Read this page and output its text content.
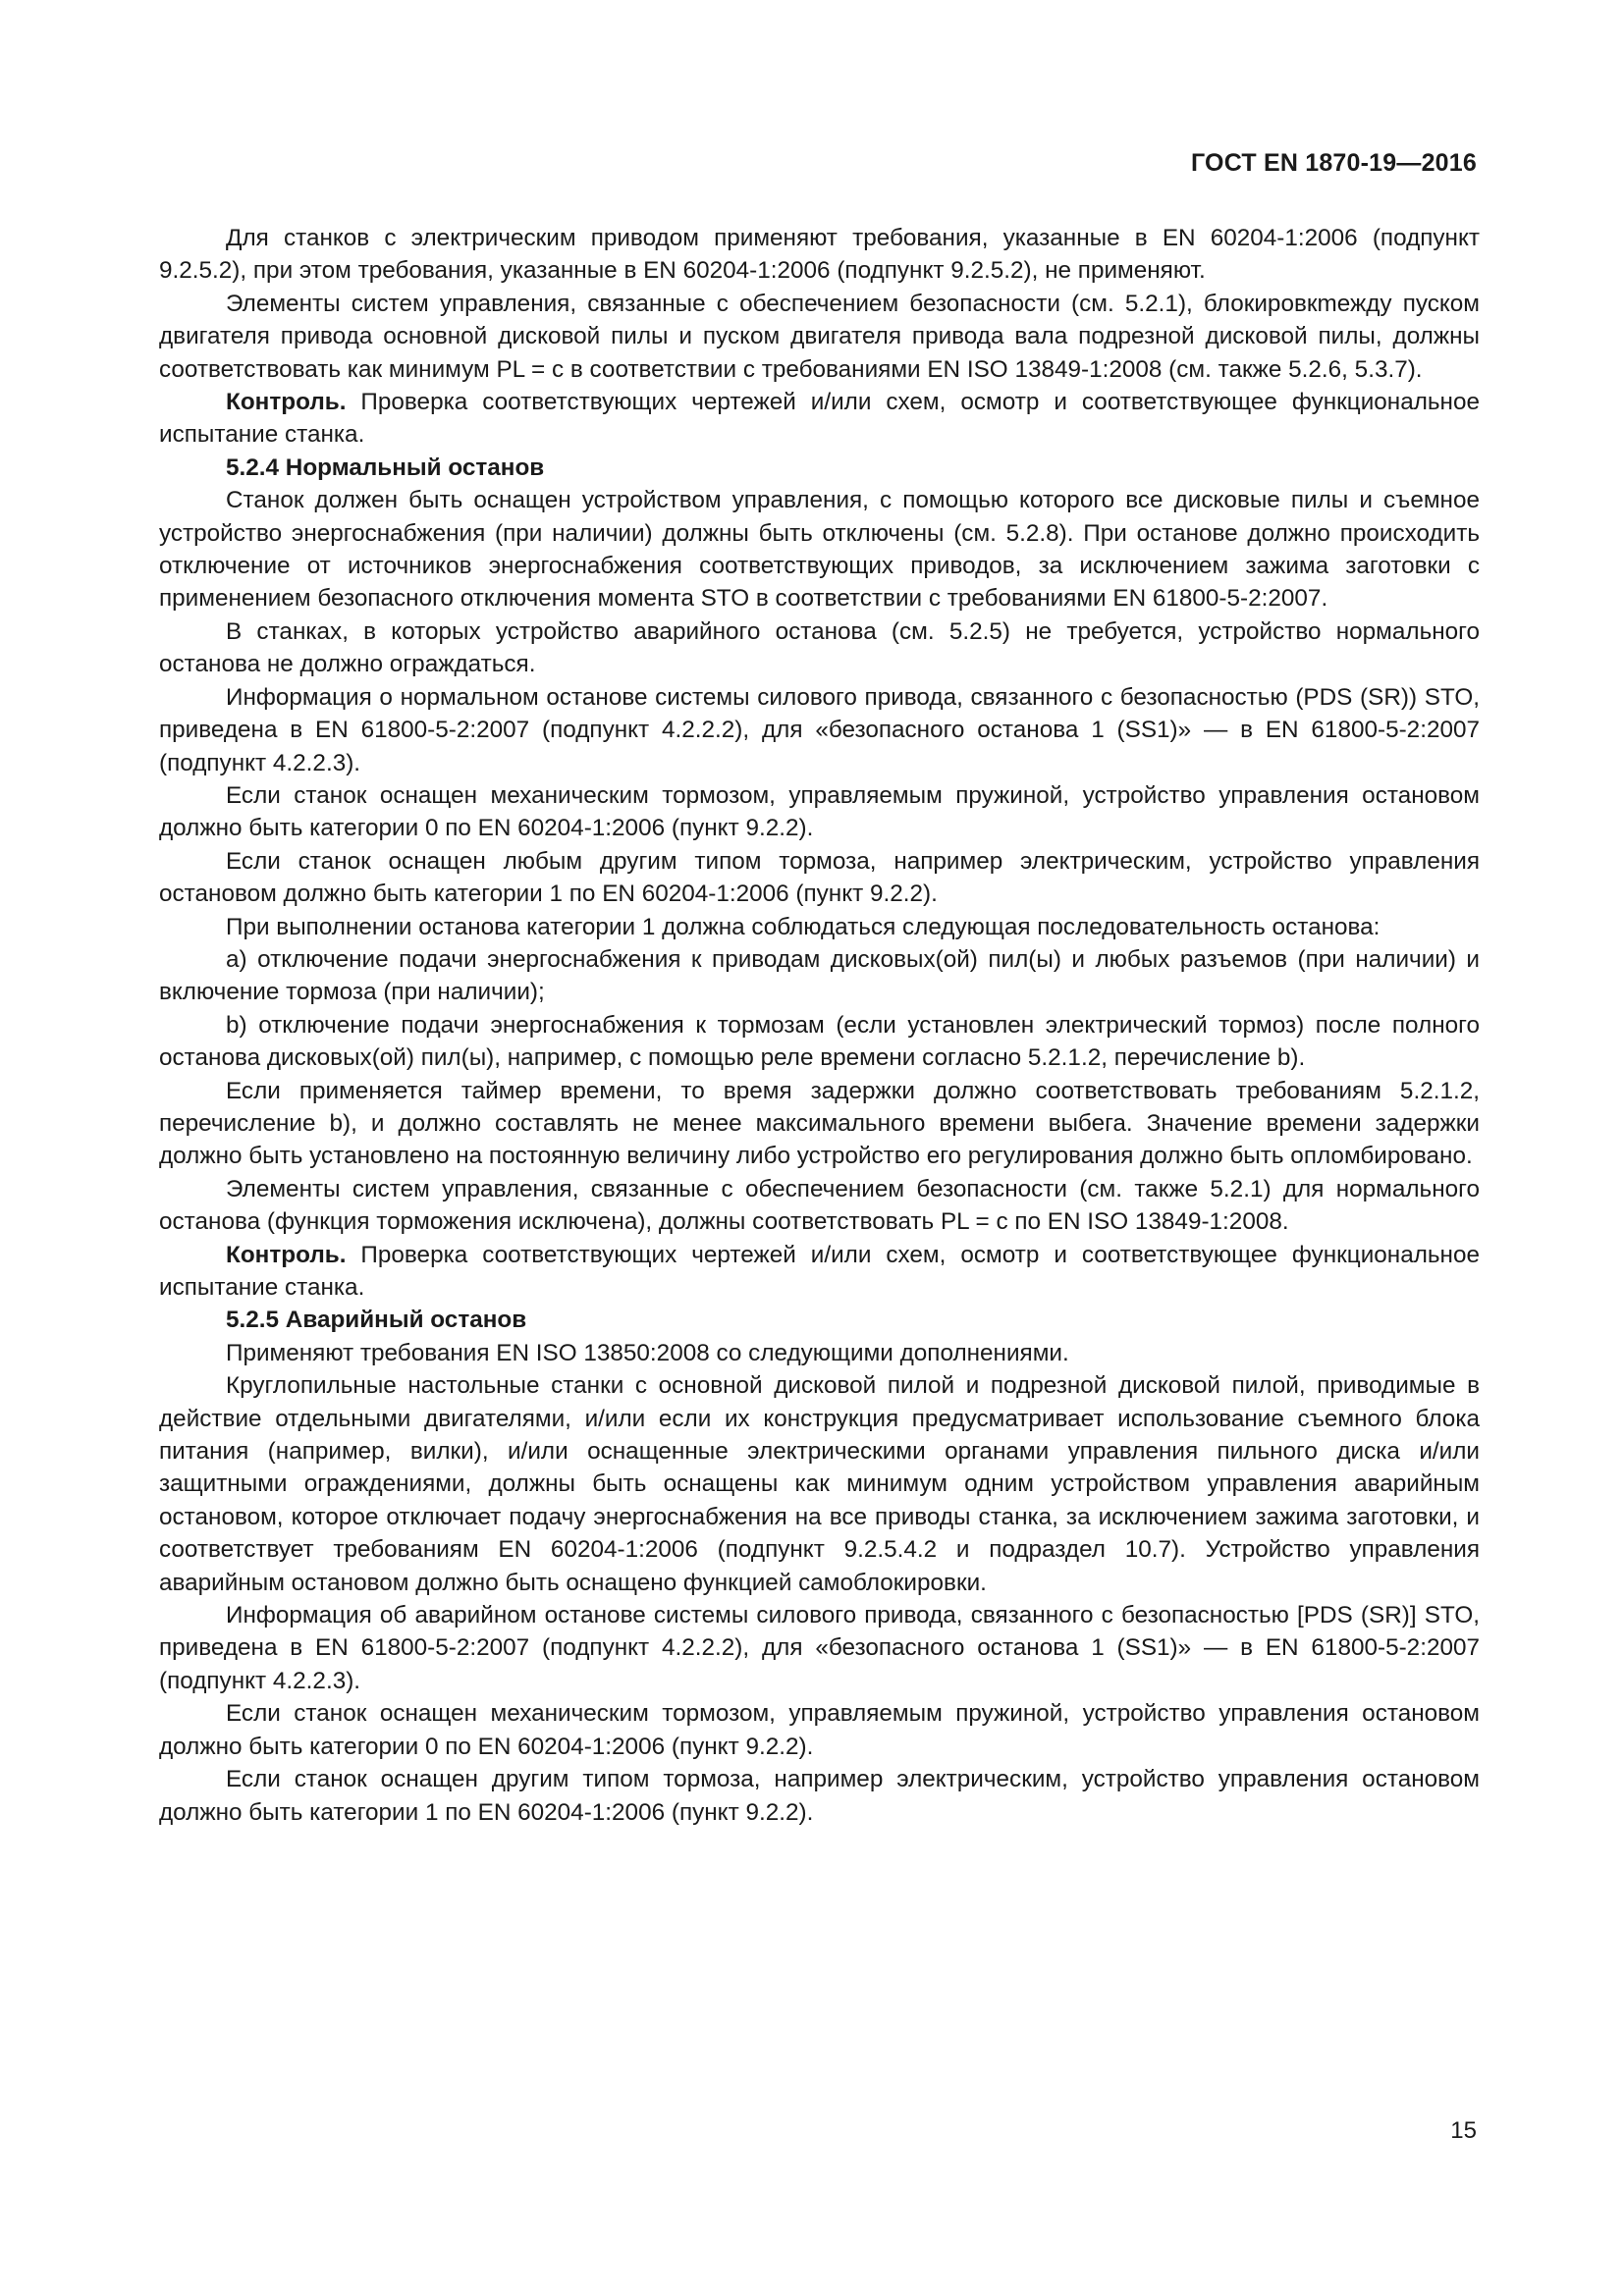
ГОСТ EN 1870-19—2016

Для станков с электрическим приводом применяют требования, указанные в EN 60204-1:2006 (подпункт 9.2.5.2), при этом требования, указанные в EN 60204-1:2006 (подпункт 9.2.5.2), не применяют.

Элементы систем управления, связанные с обеспечением безопасности (см. 5.2.1), блокировкmежду пуском двигателя привода основной дисковой пилы и пуском двигателя привода вала подрезной дисковой пилы, должны соответствовать как минимум PL = с в соответствии с требованиями EN ISO 13849-1:2008 (см. также 5.2.6, 5.3.7).

Контроль. Проверка соответствующих чертежей и/или схем, осмотр и соответствующее функциональное испытание станка.

5.2.4 Нормальный останов

Станок должен быть оснащен устройством управления, с помощью которого все дисковые пилы и съемное устройство энергоснабжения (при наличии) должны быть отключены (см. 5.2.8). При останове должно происходить отключение от источников энергоснабжения соответствующих приводов, за исключением зажима заготовки с применением безопасного отключения момента STO в соответствии с требованиями EN 61800-5-2:2007.

В станках, в которых устройство аварийного останова (см. 5.2.5) не требуется, устройство нормального останова не должно ограждаться.

Информация о нормальном останове системы силового привода, связанного с безопасностью (PDS (SR)) STO, приведена в EN 61800-5-2:2007 (подпункт 4.2.2.2), для «безопасного останова 1 (SS1)» — в EN 61800-5-2:2007 (подпункт 4.2.2.3).

Если станок оснащен механическим тормозом, управляемым пружиной, устройство управления остановом должно быть категории 0 по EN 60204-1:2006 (пункт 9.2.2).

Если станок оснащен любым другим типом тормоза, например электрическим, устройство управления остановом должно быть категории 1 по EN 60204-1:2006 (пункт 9.2.2).

При выполнении останова категории 1 должна соблюдаться следующая последовательность останова:

а) отключение подачи энергоснабжения к приводам дисковых(ой) пил(ы) и любых разъемов (при наличии) и включение тормоза (при наличии);

b) отключение подачи энергоснабжения к тормозам (если установлен электрический тормоз) после полного останова дисковых(ой) пил(ы), например, с помощью реле времени согласно 5.2.1.2, перечисление b).

Если применяется таймер времени, то время задержки должно соответствовать требованиям 5.2.1.2, перечисление b), и должно составлять не менее максимального времени выбега. Значение времени задержки должно быть установлено на постоянную величину либо устройство его регулирования должно быть опломбировано.

Элементы систем управления, связанные с обеспечением безопасности (см. также 5.2.1) для нормального останова (функция торможения исключена), должны соответствовать PL = с по EN ISO 13849-1:2008.

Контроль. Проверка соответствующих чертежей и/или схем, осмотр и соответствующее функциональное испытание станка.

5.2.5 Аварийный останов

Применяют требования EN ISO 13850:2008 со следующими дополнениями.

Круглопильные настольные станки с основной дисковой пилой и подрезной дисковой пилой, приводимые в действие отдельными двигателями, и/или если их конструкция предусматривает использование съемного блока питания (например, вилки), и/или оснащенные электрическими органами управления пильного диска и/или защитными ограждениями, должны быть оснащены как минимум одним устройством управления аварийным остановом, которое отключает подачу энергоснабжения на все приводы станка, за исключением зажима заготовки, и соответствует требованиям EN 60204-1:2006 (подпункт 9.2.5.4.2 и подраздел 10.7). Устройство управления аварийным остановом должно быть оснащено функцией самоблокировки.

Информация об аварийном останове системы силового привода, связанного с безопасностью [PDS (SR)] STO, приведена в EN 61800-5-2:2007 (подпункт 4.2.2.2), для «безопасного останова 1 (SS1)» — в EN 61800-5-2:2007 (подпункт 4.2.2.3).

Если станок оснащен механическим тормозом, управляемым пружиной, устройство управления остановом должно быть категории 0 по EN 60204-1:2006 (пункт 9.2.2).

Если станок оснащен другим типом тормоза, например электрическим, устройство управления остановом должно быть категории 1 по EN 60204-1:2006 (пункт 9.2.2).

15
